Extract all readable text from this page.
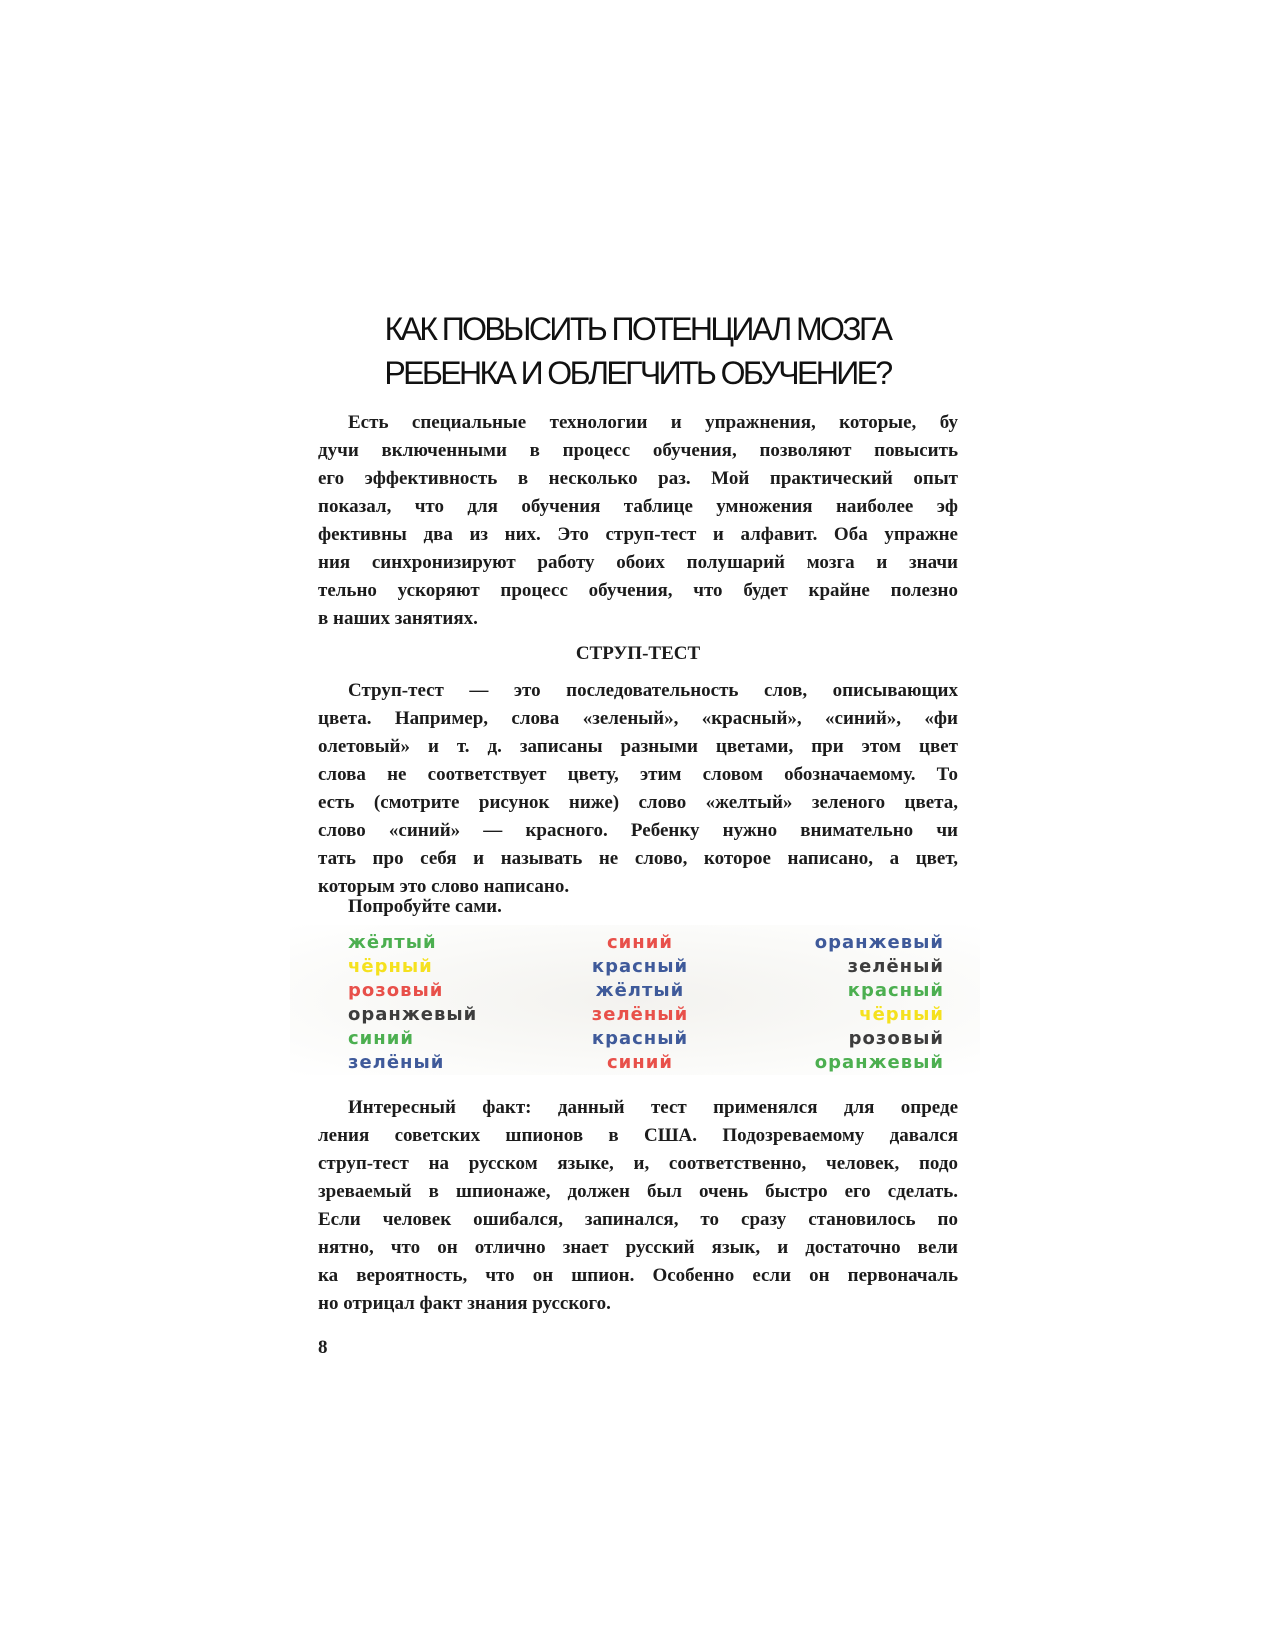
КАК ПОВЫСИТЬ ПОТЕНЦИАЛ МОЗГА
РЕБЕНКА И ОБЛЕГЧИТЬ ОБУЧЕНИЕ?
Есть специальные технологии и упражнения, которые, бу
дучи включенными в процесс обучения, позволяют повысить
его эффективность в несколько раз. Мой практический опыт
показал, что для обучения таблице умножения наиболее эф
фективны два из них. Это струп-тест и алфавит. Оба упражне
ния синхронизируют работу обоих полушарий мозга и значи
тельно ускоряют процесс обучения, что будет крайне полезно
в наших занятиях.
СТРУП-ТЕСТ
Струп-тест — это последовательность слов, описывающих
цвета. Например, слова «зеленый», «красный», «синий», «фи
олетовый» и т. д. записаны разными цветами, при этом цвет
слова не соответствует цвету, этим словом обозначаемому. То
есть (смотрите рисунок ниже) слово «желтый» зеленого цвета,
слово «синий» — красного. Ребенку нужно внимательно чи
тать про себя и называть не слово, которое написано, а цвет,
которым это слово написано.
Попробуйте сами.
жёлтый
чёрный
розовый
оранжевый
синий
зелёный
синий
красный
жёлтый
зелёный
красный
синий
оранжевый
зелёный
красный
чёрный
розовый
оранжевый
Интересный факт: данный тест применялся для опреде
ления советских шпионов в США. Подозреваемому давался
струп-тест на русском языке, и, соответственно, человек, подо
зреваемый в шпионаже, должен был очень быстро его сделать.
Если человек ошибался, запинался, то сразу становилось по
нятно, что он отлично знает русский язык, и достаточно вели
ка вероятность, что он шпион. Особенно если он первоначаль
но отрицал факт знания русского.
8
